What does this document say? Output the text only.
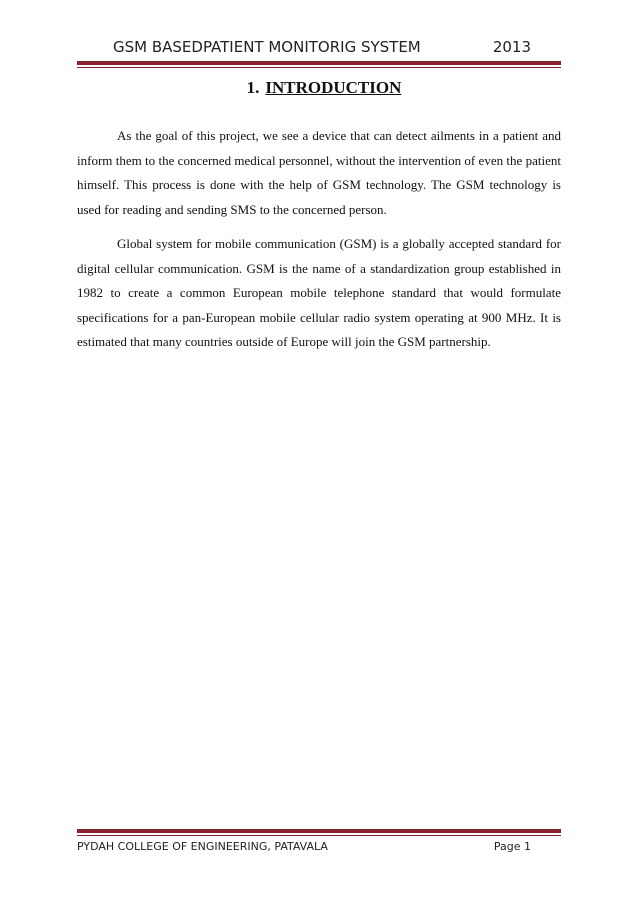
GSM BASEDPATIENT MONITORIG SYSTEM	2013
1. INTRODUCTION

As the goal of this project, we see a device that can detect ailments in a patient and inform them to the concerned medical personnel, without the intervention of even the patient himself. This process is done with the help of GSM technology. The GSM technology is used for reading and sending SMS to the concerned person.

Global system for mobile communication (GSM) is a globally accepted standard for digital cellular communication. GSM is the name of a standardization group established in 1982 to create a common European mobile telephone standard that would formulate specifications for a pan-European mobile cellular radio system operating at 900 MHz. It is estimated that many countries outside of Europe will join the GSM partnership.

PYDAH COLLEGE OF ENGINEERING, PATAVALA	Page 1
